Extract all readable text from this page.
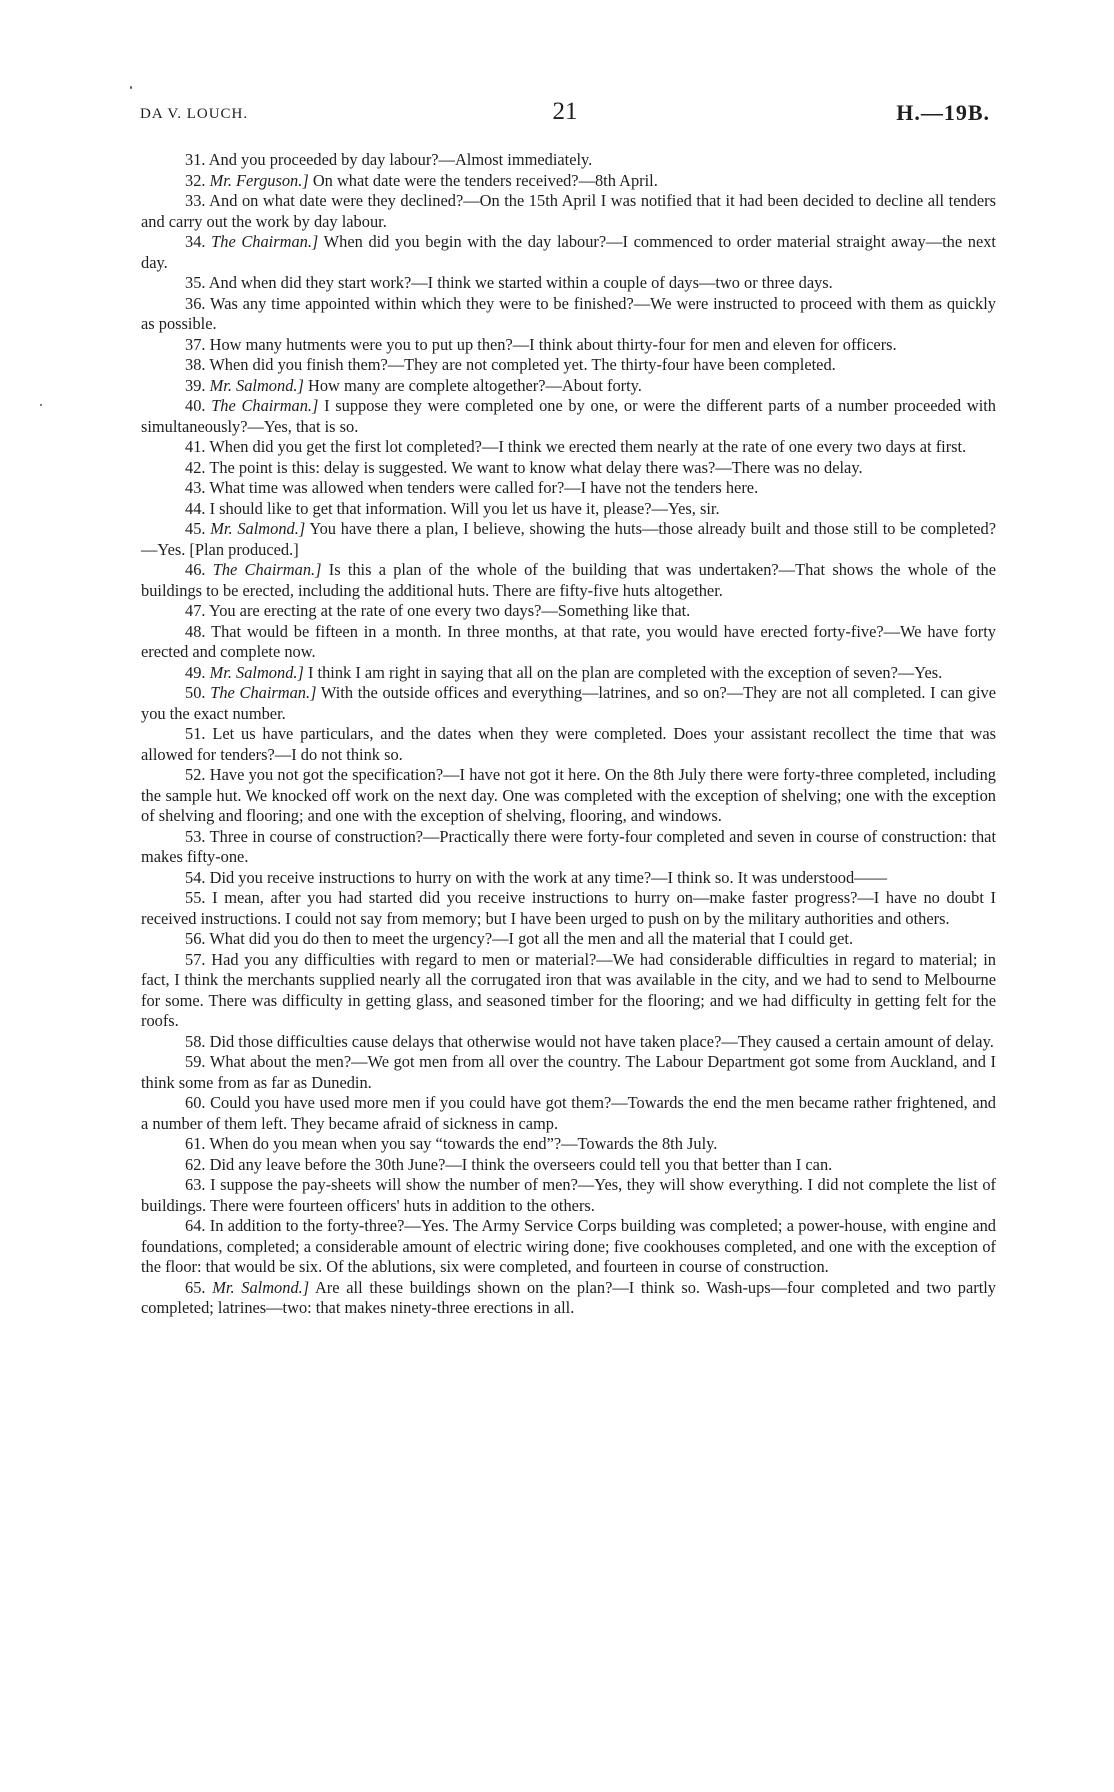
DA V. LOUCH.	21	H.—19B.

31. And you proceeded by day labour?—Almost immediately.

32. Mr. Ferguson.] On what date were the tenders received?—8th April.

33. And on what date were they declined?—On the 15th April I was notified that it had been decided to decline all tenders and carry out the work by day labour.

34. The Chairman.] When did you begin with the day labour?—I commenced to order material straight away—the next day.

35. And when did they start work?—I think we started within a couple of days—two or three days.

36. Was any time appointed within which they were to be finished?—We were instructed to proceed with them as quickly as possible.

37. How many hutments were you to put up then?—I think about thirty-four for men and eleven for officers.

38. When did you finish them?—They are not completed yet. The thirty-four have been completed.

39. Mr. Salmond.] How many are complete altogether?—About forty.

40. The Chairman.] I suppose they were completed one by one, or were the different parts of a number proceeded with simultaneously?—Yes, that is so.

41. When did you get the first lot completed?—I think we erected them nearly at the rate of one every two days at first.

42. The point is this: delay is suggested. We want to know what delay there was?—There was no delay.

43. What time was allowed when tenders were called for?—I have not the tenders here.

44. I should like to get that information. Will you let us have it, please?—Yes, sir.

45. Mr. Salmond.] You have there a plan, I believe, showing the huts—those already built and those still to be completed?—Yes. [Plan produced.]

46. The Chairman.] Is this a plan of the whole of the building that was undertaken?—That shows the whole of the buildings to be erected, including the additional huts. There are fifty-five huts altogether.

47. You are erecting at the rate of one every two days?—Something like that.

48. That would be fifteen in a month. In three months, at that rate, you would have erected forty-five?—We have forty erected and complete now.

49. Mr. Salmond.] I think I am right in saying that all on the plan are completed with the exception of seven?—Yes.

50. The Chairman.] With the outside offices and everything—latrines, and so on?—They are not all completed. I can give you the exact number.

51. Let us have particulars, and the dates when they were completed. Does your assistant recollect the time that was allowed for tenders?—I do not think so.

52. Have you not got the specification?—I have not got it here. On the 8th July there were forty-three completed, including the sample hut. We knocked off work on the next day. One was completed with the exception of shelving; one with the exception of shelving and flooring; and one with the exception of shelving, flooring, and windows.

53. Three in course of construction?—Practically there were forty-four completed and seven in course of construction: that makes fifty-one.

54. Did you receive instructions to hurry on with the work at any time?—I think so. It was understood——

55. I mean, after you had started did you receive instructions to hurry on—make faster progress?—I have no doubt I received instructions. I could not say from memory; but I have been urged to push on by the military authorities and others.

56. What did you do then to meet the urgency?—I got all the men and all the material that I could get.

57. Had you any difficulties with regard to men or material?—We had considerable difficulties in regard to material; in fact, I think the merchants supplied nearly all the corrugated iron that was available in the city, and we had to send to Melbourne for some. There was difficulty in getting glass, and seasoned timber for the flooring; and we had difficulty in getting felt for the roofs.

58. Did those difficulties cause delays that otherwise would not have taken place?—They caused a certain amount of delay.

59. What about the men?—We got men from all over the country. The Labour Department got some from Auckland, and I think some from as far as Dunedin.

60. Could you have used more men if you could have got them?—Towards the end the men became rather frightened, and a number of them left. They became afraid of sickness in camp.

61. When do you mean when you say “towards the end”?—Towards the 8th July.

62. Did any leave before the 30th June?—I think the overseers could tell you that better than I can.

63. I suppose the pay-sheets will show the number of men?—Yes, they will show everything. I did not complete the list of buildings. There were fourteen officers' huts in addition to the others.

64. In addition to the forty-three?—Yes. The Army Service Corps building was completed; a power-house, with engine and foundations, completed; a considerable amount of electric wiring done; five cookhouses completed, and one with the exception of the floor: that would be six. Of the ablutions, six were completed, and fourteen in course of construction.

65. Mr. Salmond.] Are all these buildings shown on the plan?—I think so. Wash-ups—four completed and two partly completed; latrines—two: that makes ninety-three erections in all.
